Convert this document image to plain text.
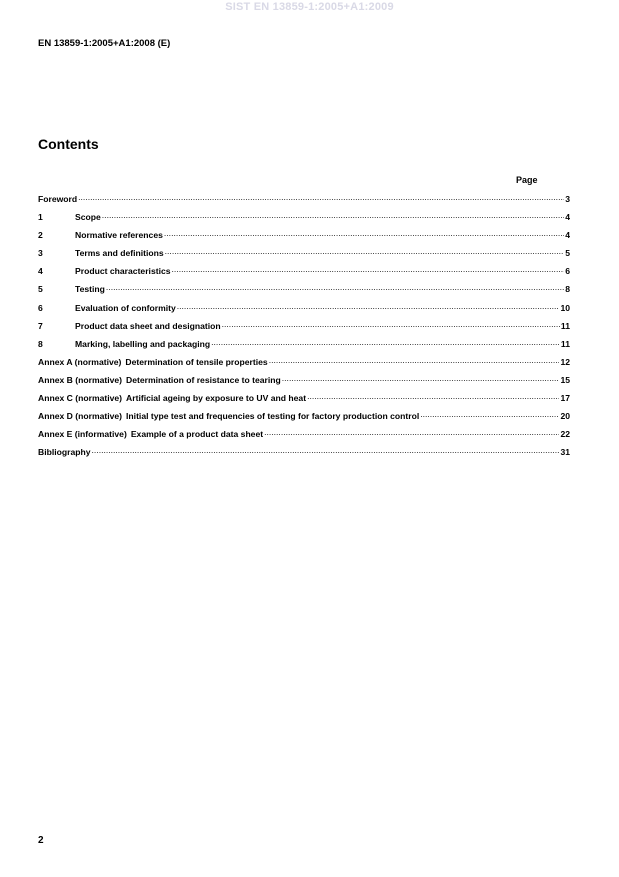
SIST EN 13859-1:2005+A1:2009
EN 13859-1:2005+A1:2008 (E)
Contents
Page
Foreword .....	3
1	Scope .....	4
2	Normative references .....	4
3	Terms and definitions .....	5
4	Product characteristics .....	6
5	Testing .....	8
6	Evaluation of conformity .....	10
7	Product data sheet and designation .....	11
8	Marking, labelling and packaging .....	11
Annex A (normative) Determination of tensile properties .....	12
Annex B (normative) Determination of resistance to tearing .....	15
Annex C (normative) Artificial ageing by exposure to UV and heat .....	17
Annex D (normative) Initial type test and frequencies of testing for factory production control .....	20
Annex E (informative) Example of a product data sheet .....	22
Bibliography .....	31
2
